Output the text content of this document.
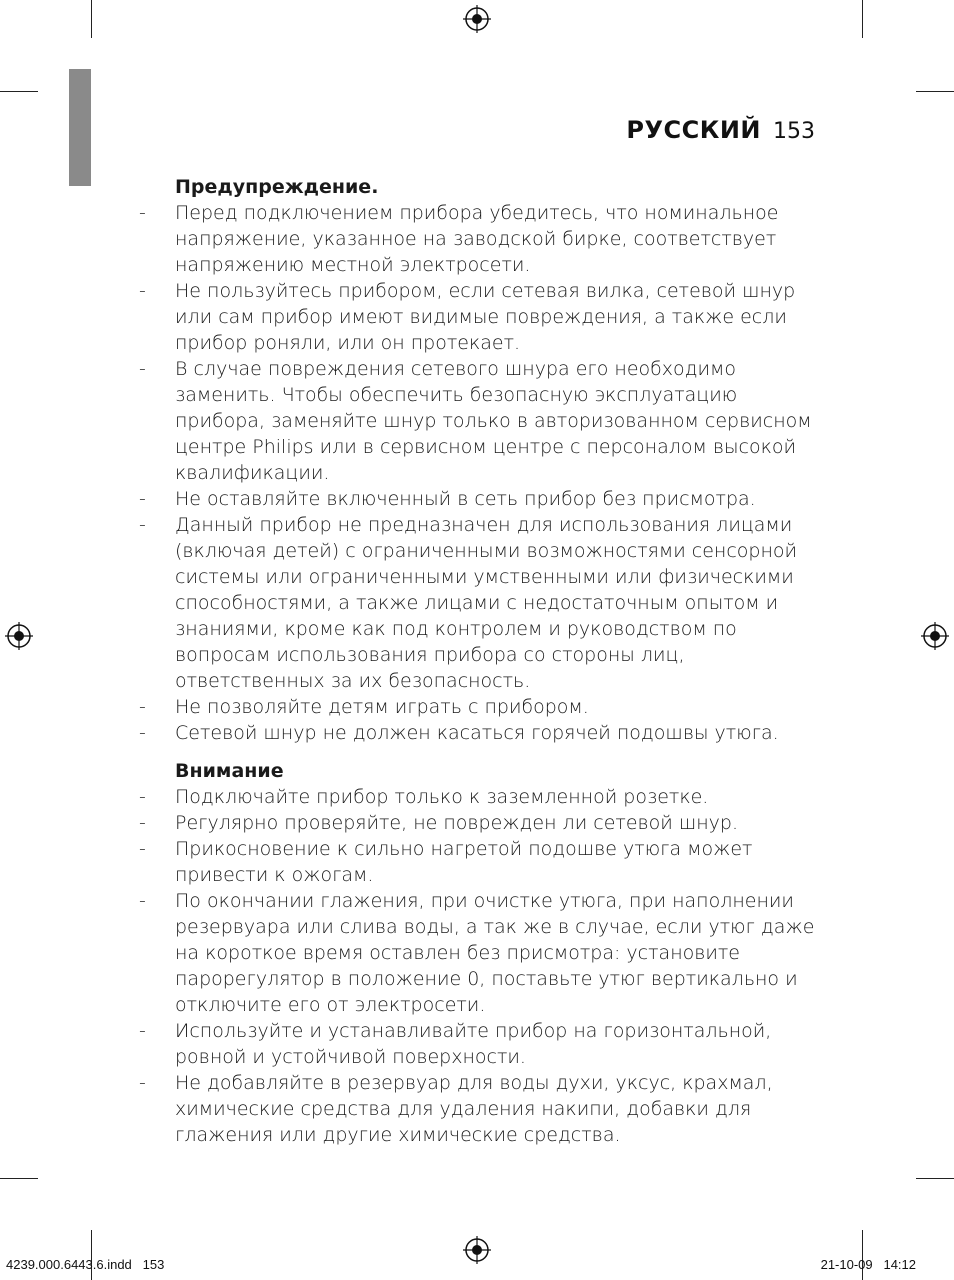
РУССКИЙ 153
Предупреждение.
-	Перед подключением прибора убедитесь, что номинальное напряжение, указанное на заводской бирке, соответствует напряжению местной электросети.
-	Не пользуйтесь прибором, если сетевая вилка, сетевой шнур или сам прибор имеют видимые повреждения, а также если прибор роняли, или он протекает.
-	В случае повреждения сетевого шнура его необходимо заменить. Чтобы обеспечить безопасную эксплуатацию прибора, заменяйте шнур только в авторизованном сервисном центре Philips или в сервисном центре с персоналом высокой квалификации.
-	Не оставляйте включенный в сеть прибор без присмотра.
-	Данный прибор не предназначен для использования лицами (включая детей) с ограниченными возможностями сенсорной системы или ограниченными умственными или физическими способностями, а также лицами с недостаточным опытом и знаниями, кроме как под контролем и руководством по вопросам использования прибора со стороны лиц, ответственных за их безопасность.
-	Не позволяйте детям играть с прибором.
-	Сетевой шнур не должен касаться горячей подошвы утюга.
Внимание
-	Подключайте прибор только к заземленной розетке.
-	Регулярно проверяйте, не поврежден ли сетевой шнур.
-	Прикосновение к сильно нагретой подошве утюга может привести к ожогам.
-	По окончании глажения, при очистке утюга, при наполнении резервуара или слива воды, а так же в случае, если утюг даже на короткое время оставлен без присмотра: установите парорегулятор в положение 0, поставьте утюг вертикально и отключите его от электросети.
-	Используйте и устанавливайте прибор на горизонтальной, ровной и устойчивой поверхности.
-	Не добавляйте в резервуар для воды духи, уксус, крахмал, химические средства для удаления накипи, добавки для глажения или другие химические средства.
4239.000.6443.6.indd   153	21-10-09   14:12
